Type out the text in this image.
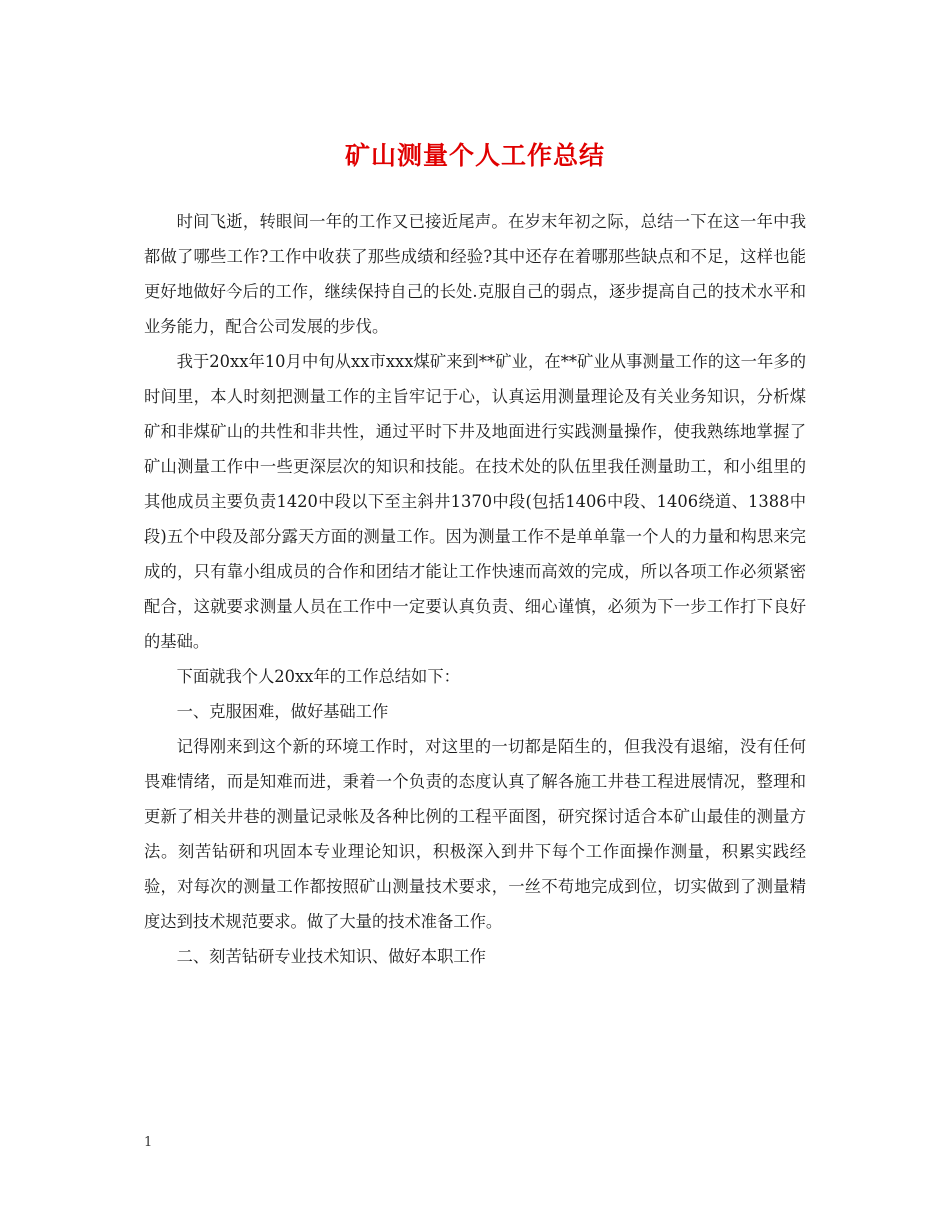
矿山测量个人工作总结

时间飞逝，转眼间一年的工作又已接近尾声。在岁末年初之际，总结一下在这一年中我都做了哪些工作?工作中收获了那些成绩和经验?其中还存在着哪那些缺点和不足，这样也能更好地做好今后的工作，继续保持自己的长处.克服自己的弱点，逐步提高自己的技术水平和业务能力，配合公司发展的步伐。

我于20xx年10月中旬从xx市xxx煤矿来到**矿业，在**矿业从事测量工作的这一年多的时间里，本人时刻把测量工作的主旨牢记于心，认真运用测量理论及有关业务知识，分析煤矿和非煤矿山的共性和非共性，通过平时下井及地面进行实践测量操作，使我熟练地掌握了矿山测量工作中一些更深层次的知识和技能。在技术处的队伍里我任测量助工，和小组里的其他成员主要负责1420中段以下至主斜井1370中段(包括1406中段、1406绕道、1388中段)五个中段及部分露天方面的测量工作。因为测量工作不是单单靠一个人的力量和构思来完成的，只有靠小组成员的合作和团结才能让工作快速而高效的完成，所以各项工作必须紧密配合，这就要求测量人员在工作中一定要认真负责、细心谨慎，必须为下一步工作打下良好的基础。

下面就我个人20xx年的工作总结如下：

一、克服困难，做好基础工作

记得刚来到这个新的环境工作时，对这里的一切都是陌生的，但我没有退缩，没有任何畏难情绪，而是知难而进，秉着一个负责的态度认真了解各施工井巷工程进展情况，整理和更新了相关井巷的测量记录帐及各种比例的工程平面图，研究探讨适合本矿山最佳的测量方法。刻苦钻研和巩固本专业理论知识，积极深入到井下每个工作面操作测量，积累实践经验，对每次的测量工作都按照矿山测量技术要求，一丝不苟地完成到位，切实做到了测量精度达到技术规范要求。做了大量的技术准备工作。

二、刻苦钻研专业技术知识、做好本职工作

1
